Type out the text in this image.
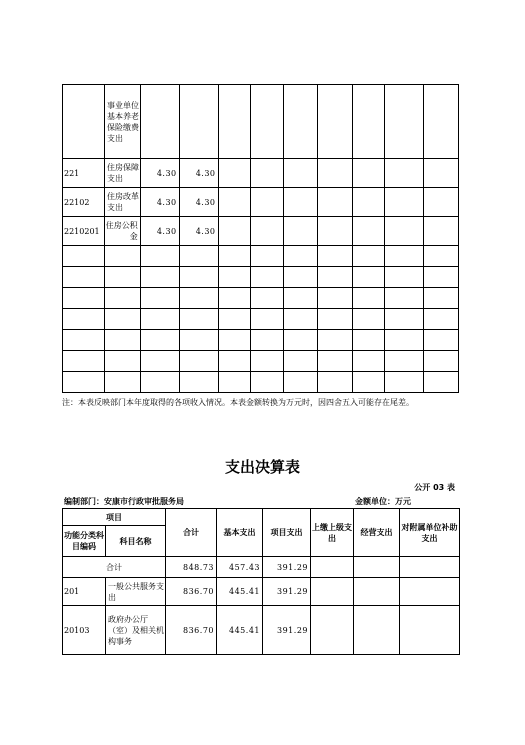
	事业单位基本养老保险缴费支出									
221	住房保障支出	4.30	4.30							
22102	住房改革支出	4.30	4.30							
2210201	住房公积金	4.30	4.30							

注：本表反映部门本年度取得的各项收入情况。本表金额转换为万元时，因四舍五入可能存在尾差。
支出决算表
公开 03 表
编制部门：安康市行政审批服务局	金额单位：万元
项目		合计	基本支出	项目支出	上缴上级支出	经营支出	对附属单位补助支出
功能分类科目编码	科目名称						
合计		848.73	457.43	391.29			
201	一般公共服务支出	836.70	445.41	391.29			
20103	政府办公厅（室）及相关机构事务	836.70	445.41	391.29			
